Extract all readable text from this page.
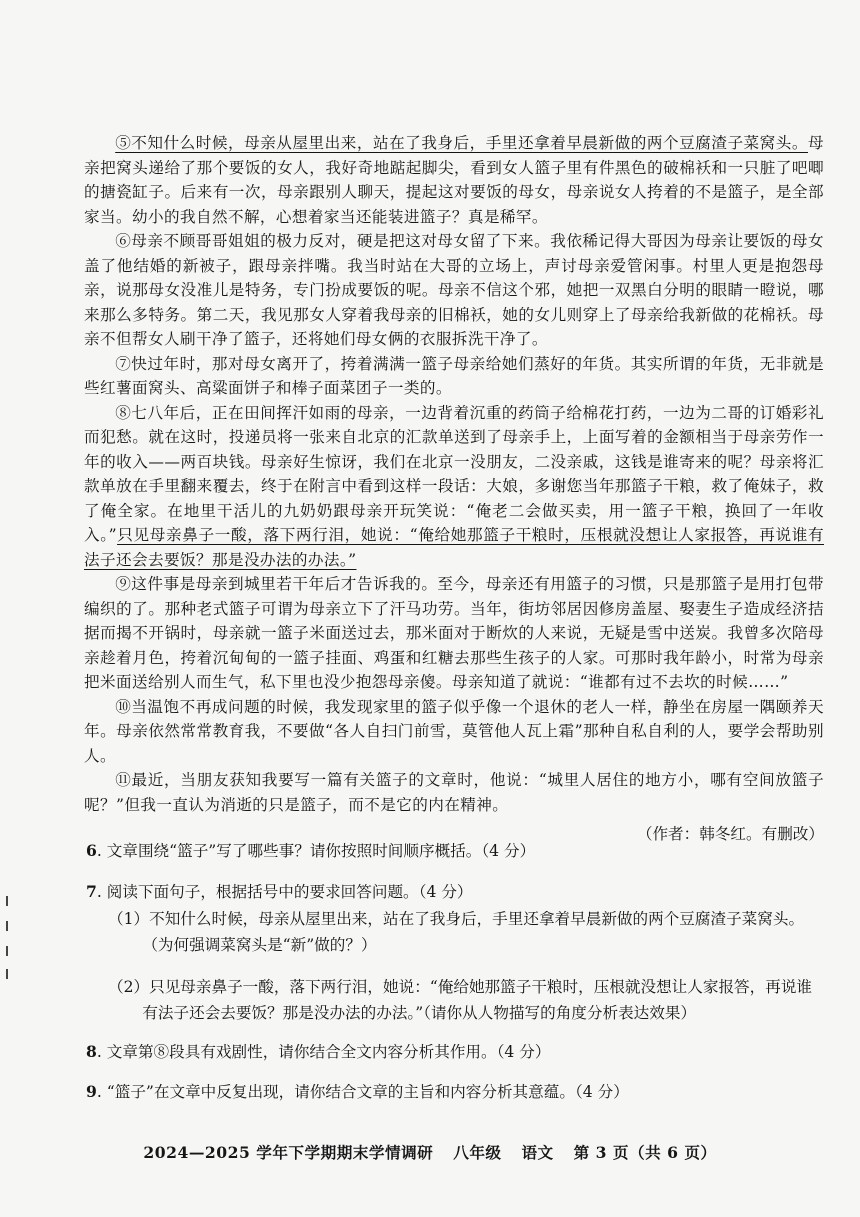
⑤不知什么时候，母亲从屋里出来，站在了我身后，手里还拿着早晨新做的两个豆腐渣子菜窝头。母亲把窝头递给了那个要饭的女人，我好奇地踮起脚尖，看到女人篮子里有件黑色的破棉袄和一只脏了吧唧的搪瓷缸子。后来有一次，母亲跟别人聊天，提起这对要饭的母女，母亲说女人挎着的不是篮子，是全部家当。幼小的我自然不解，心想着家当还能装进篮子？真是稀罕。

⑥母亲不顾哥哥姐姐的极力反对，硬是把这对母女留了下来。我依稀记得大哥因为母亲让要饭的母女盖了他结婚的新被子，跟母亲拌嘴。我当时站在大哥的立场上，声讨母亲爱管闲事。村里人更是抱怨母亲，说那母女没准儿是特务，专门扮成要饭的呢。母亲不信这个邪，她把一双黑白分明的眼睛一瞪说，哪来那么多特务。第二天，我见那女人穿着我母亲的旧棉袄，她的女儿则穿上了母亲给我新做的花棉袄。母亲不但帮女人刷干净了篮子，还将她们母女俩的衣服拆洗干净了。

⑦快过年时，那对母女离开了，挎着满满一篮子母亲给她们蒸好的年货。其实所谓的年货，无非就是些红薯面窝头、高粱面饼子和棒子面菜团子一类的。

⑧七八年后，正在田间挥汗如雨的母亲，一边背着沉重的药筒子给棉花打药，一边为二哥的订婚彩礼而犯愁。就在这时，投递员将一张来自北京的汇款单送到了母亲手上，上面写着的金额相当于母亲劳作一年的收入——两百块钱。母亲好生惊讶，我们在北京一没朋友，二没亲戚，这钱是谁寄来的呢？母亲将汇款单放在手里翻来覆去，终于在附言中看到这样一段话：大娘，多谢您当年那篮子干粮，救了俺妹子，救了俺全家。在地里干活儿的九奶奶跟母亲开玩笑说：“俺老二会做买卖，用一篮子干粮，换回了一年收入。”只见母亲鼻子一酸，落下两行泪，她说：“俺给她那篮子干粮时，压根就没想让人家报答，再说谁有法子还会去要饭？那是没办法的办法。”

⑨这件事是母亲到城里若干年后才告诉我的。至今，母亲还有用篮子的习惯，只是那篮子是用打包带编织的了。那种老式篮子可谓为母亲立下了汗马功劳。当年，街坊邻居因修房盖屋、娶妻生子造成经济拮据而揭不开锅时，母亲就一篮子米面送过去，那米面对于断炊的人来说，无疑是雪中送炭。我曾多次陪母亲趁着月色，挎着沉甸甸的一篮子挂面、鸡蛋和红糖去那些生孩子的人家。可那时我年龄小，时常为母亲把米面送给别人而生气，私下里也没少抱怨母亲傻。母亲知道了就说：“谁都有过不去坎的时候……”

⑩当温饱不再成问题的时候，我发现家里的篮子似乎像一个退休的老人一样，静坐在房屋一隅颐养天年。母亲依然常常教育我，不要做“各人自扫门前雪，莫管他人瓦上霜”那种自私自利的人，要学会帮助别人。

⑪最近，当朋友获知我要写一篇有关篮子的文章时，他说：“城里人居住的地方小，哪有空间放篮子呢？”但我一直认为消逝的只是篮子，而不是它的内在精神。

（作者：韩冬红。有删改）

6. 文章围绕“篮子”写了哪些事？请你按照时间顺序概括。（4 分）

7. 阅读下面句子，根据括号中的要求回答问题。（4 分）

（1）不知什么时候，母亲从屋里出来，站在了我身后，手里还拿着早晨新做的两个豆腐渣子菜窝头。（为何强调菜窝头是“新”做的？）

（2）只见母亲鼻子一酸，落下两行泪，她说：“俺给她那篮子干粮时，压根就没想让人家报答，再说谁有法子还会去要饭？那是没办法的办法。”（请你从人物描写的角度分析表达效果）

8. 文章第⑧段具有戏剧性，请你结合全文内容分析其作用。（4 分）

9. “篮子”在文章中反复出现，请你结合文章的主旨和内容分析其意蕴。（4 分）

2024—2025 学年下学期期末学情调研 八年级 语文 第 3 页（共 6 页）
